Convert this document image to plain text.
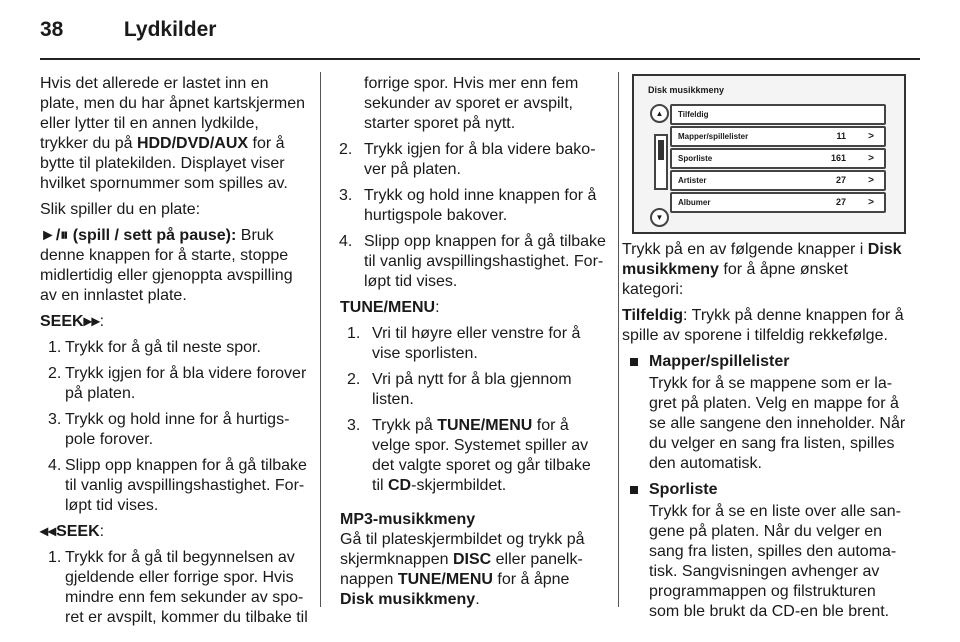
38	Lydkilder

Hvis det allerede er lastet inn en plate, men du har åpnet kartskjermen eller lytter til en annen lydkilde, trykker du på HDD/DVD/AUX for å bytte til platekilden. Displayet viser hvilket spornummer som spilles av.

Slik spiller du en plate:

►/⏸ (spill / sett på pause): Bruk denne knappen for å starte, stoppe midlertidig eller gjenoppta avspilling av en innlastet plate.

SEEK▸▸:

1. Trykk for å gå til neste spor.
2. Trykk igjen for å bla videre forover på platen.
3. Trykk og hold inne for å hurtigspole forover.
4. Slipp opp knappen for å gå tilbake til vanlig avspillingshastighet. Forløpt tid vises.

◂◂SEEK:

1. Trykk for å gå til begynnelsen av gjeldende eller forrige spor. Hvis mindre enn fem sekunder av sporet er avspilt, kommer du tilbake til

forrige spor. Hvis mer enn fem sekunder av sporet er avspilt, starter sporet på nytt.

2. Trykk igjen for å bla videre bakover på platen.
3. Trykk og hold inne knappen for å hurtigspole bakover.
4. Slipp opp knappen for å gå tilbake til vanlig avspillingshastighet. Forløpt tid vises.

TUNE/MENU:

1. Vri til høyre eller venstre for å vise sporlisten.
2. Vri på nytt for å bla gjennom listen.
3. Trykk på TUNE/MENU for å velge spor. Systemet spiller av det valgte sporet og går tilbake til CD-skjermbildet.

MP3-musikkmeny

Gå til plateskjermbildet og trykk på skjermknappen DISC eller panelknappen TUNE/MENU for å åpne Disk musikkmeny.

Disk musikkmeny
▲
▼
Tilfeldig
Mapper/spillelister	11 >
Sporliste	161 >
Artister	27 >
Albumer	27 >

Trykk på en av følgende knapper i Disk musikkmeny for å åpne ønsket kategori:

Tilfeldig: Trykk på denne knappen for å spille av sporene i tilfeldig rekkefølge.

Mapper/spillelister
Trykk for å se mappene som er lagret på platen. Velg en mappe for å se alle sangene den inneholder. Når du velger en sang fra listen, spilles den automatisk.
Sporliste
Trykk for å se en liste over alle sangene på platen. Når du velger en sang fra listen, spilles den automatisk. Sangvisningen avhenger av programmappen og filstrukturen som ble brukt da CD-en ble brent.
